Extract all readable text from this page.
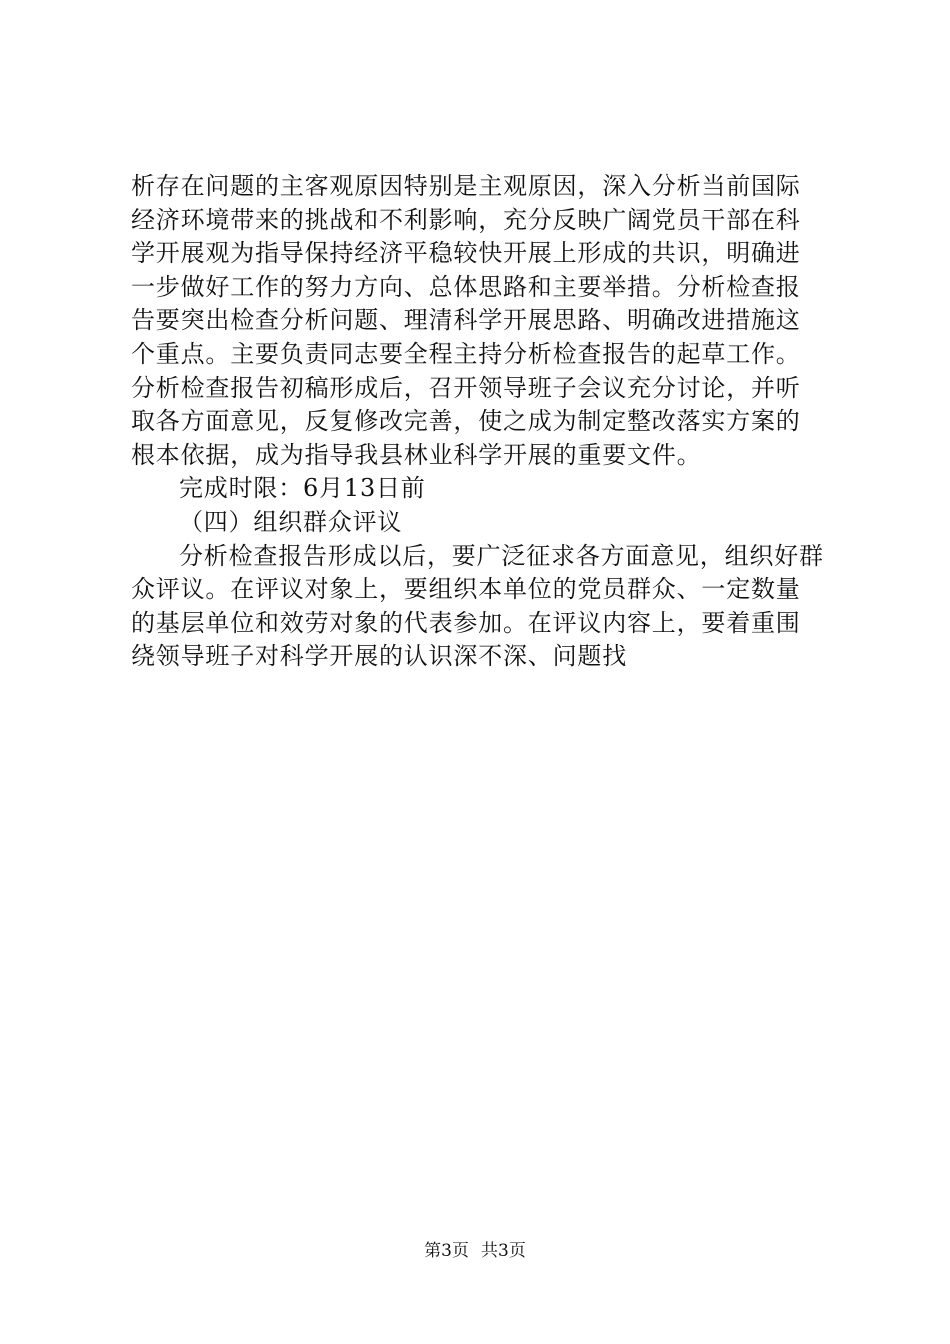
析存在问题的主客观原因特别是主观原因，深入分析当前国际
经济环境带来的挑战和不利影响，充分反映广阔党员干部在科
学开展观为指导保持经济平稳较快开展上形成的共识，明确进
一步做好工作的努力方向、总体思路和主要举措。分析检查报
告要突出检查分析问题、理清科学开展思路、明确改进措施这
个重点。主要负责同志要全程主持分析检查报告的起草工作。
分析检查报告初稿形成后，召开领导班子会议充分讨论，并听
取各方面意见，反复修改完善，使之成为制定整改落实方案的
根本依据，成为指导我县林业科学开展的重要文件。
完成时限：6月13日前
（四）组织群众评议
分析检查报告形成以后，要广泛征求各方面意见，组织好群
众评议。在评议对象上，要组织本单位的党员群众、一定数量
的基层单位和效劳对象的代表参加。在评议内容上，要着重围
绕领导班子对科学开展的认识深不深、问题找
第3页 共3页
